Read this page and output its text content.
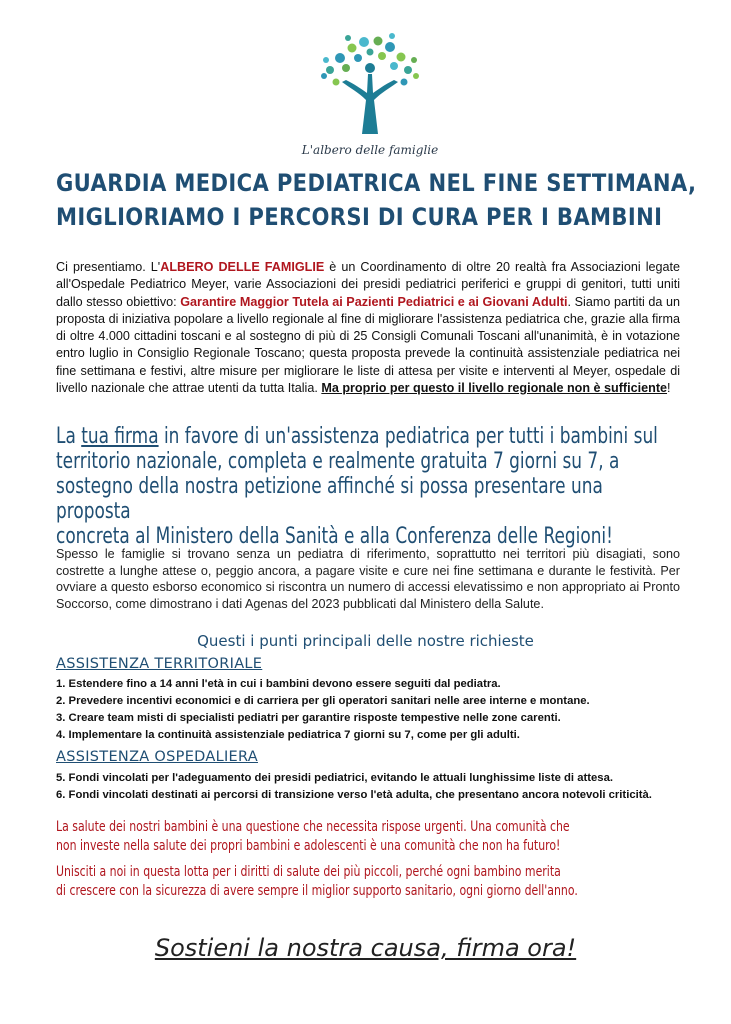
L'albero delle famiglie
GUARDIA MEDICA PEDIATRICA NEL FINE SETTIMANA,
MIGLIORIAMO I PERCORSI DI CURA PER I BAMBINI

Ci presentiamo. L'ALBERO DELLE FAMIGLIE è un Coordinamento di oltre 20 realtà fra Associazioni legate all'Ospedale Pediatrico Meyer, varie Associazioni dei presidi pediatrici periferici e gruppi di genitori, tutti uniti dallo stesso obiettivo: Garantire Maggior Tutela ai Pazienti Pediatrici e ai Giovani Adulti. Siamo partiti da un proposta di iniziativa popolare a livello regionale al fine di migliorare l'assistenza pediatrica che, grazie alla firma di oltre 4.000 cittadini toscani e al sostegno di più di 25 Consigli Comunali Toscani all'unanimità, è in votazione entro luglio in Consiglio Regionale Toscano; questa proposta prevede la continuità assistenziale pediatrica nei fine settimana e festivi, altre misure per migliorare le liste di attesa per visite e interventi al Meyer, ospedale di livello nazionale che attrae utenti da tutta Italia. Ma proprio per questo il livello regionale non è sufficiente!

La tua firma in favore di un'assistenza pediatrica per tutti i bambini sul
territorio nazionale, completa e realmente gratuita 7 giorni su 7, a
sostegno della nostra petizione affinché si possa presentare una proposta
concreta al Ministero della Sanità e alla Conferenza delle Regioni!

Spesso le famiglie si trovano senza un pediatra di riferimento, soprattutto nei territori più disagiati, sono costrette a lunghe attese o, peggio ancora, a pagare visite e cure nei fine settimana e durante le festività. Per ovviare a questo esborso economico si riscontra un numero di accessi elevatissimo e non appropriato ai Pronto Soccorso, come dimostrano i dati Agenas del 2023 pubblicati dal Ministero della Salute.

Questi i punti principali delle nostre richieste
ASSISTENZA TERRITORIALE
1. Estendere fino a 14 anni l'età in cui i bambini devono essere seguiti dal pediatra.
2. Prevedere incentivi economici e di carriera per gli operatori sanitari nelle aree interne e montane.
3. Creare team misti di specialisti pediatri per garantire risposte tempestive nelle zone carenti.
4. Implementare la continuità assistenziale pediatrica 7 giorni su 7, come per gli adulti.
ASSISTENZA OSPEDALIERA
5. Fondi vincolati per l'adeguamento dei presidi pediatrici, evitando le attuali lunghissime liste di attesa.
6. Fondi vincolati destinati ai percorsi di transizione verso l'età adulta, che presentano ancora notevoli criticità.
La salute dei nostri bambini è una questione che necessita rispose urgenti. Una comunità che
non investe nella salute dei propri bambini e adolescenti è una comunità che non ha futuro!
Unisciti a noi in questa lotta per i diritti di salute dei più piccoli, perché ogni bambino merita
di crescere con la sicurezza di avere sempre il miglior supporto sanitario, ogni giorno dell'anno.
Sostieni la nostra causa, firma ora!
